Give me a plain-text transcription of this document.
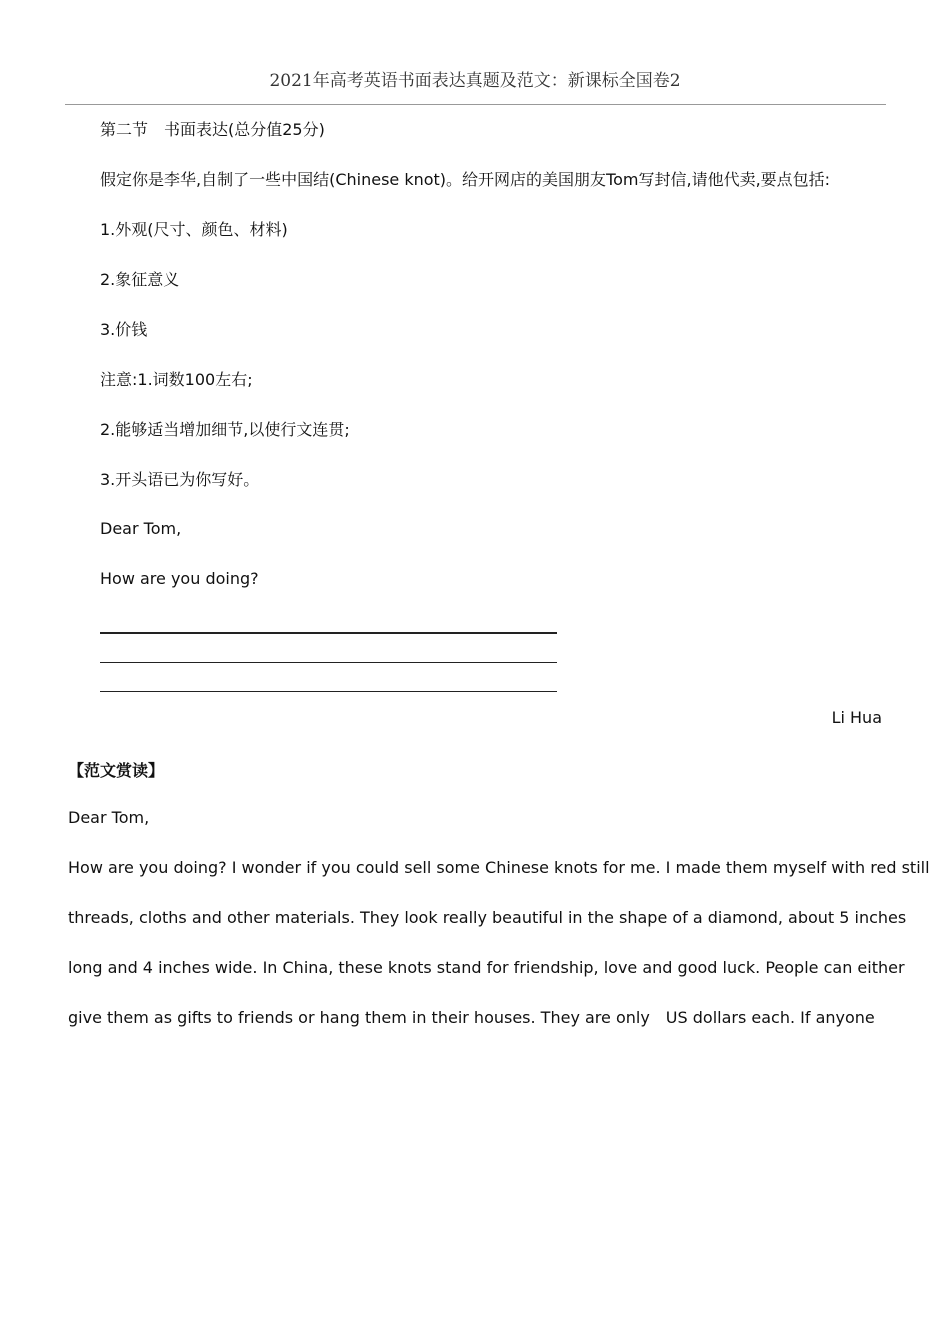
2021年高考英语书面表达真题及范文：新课标全国卷2
第二节　书面表达(总分值25分)
假定你是李华,自制了一些中国结(Chinese knot)。给开网店的美国朋友Tom写封信,请他代卖,要点包括:
1.外观(尺寸、颜色、材料)
2.象征意义
3.价钱
注意:1.词数100左右;
2.能够适当增加细节,以使行文连贯;
3.开头语已为你写好。
Dear Tom,
How are you doing?
Li Hua
【范文赏读】
Dear Tom,
How are you doing? I wonder if you could sell some Chinese knots for me. I made them myself with red still
threads, cloths and other materials. They look really beautiful in the shape of a diamond, about 5 inches
long and 4 inches wide. In China, these knots stand for friendship, love and good luck. People can either
give them as gifts to friends or hang them in their houses. They are only　US dollars each. If anyone
